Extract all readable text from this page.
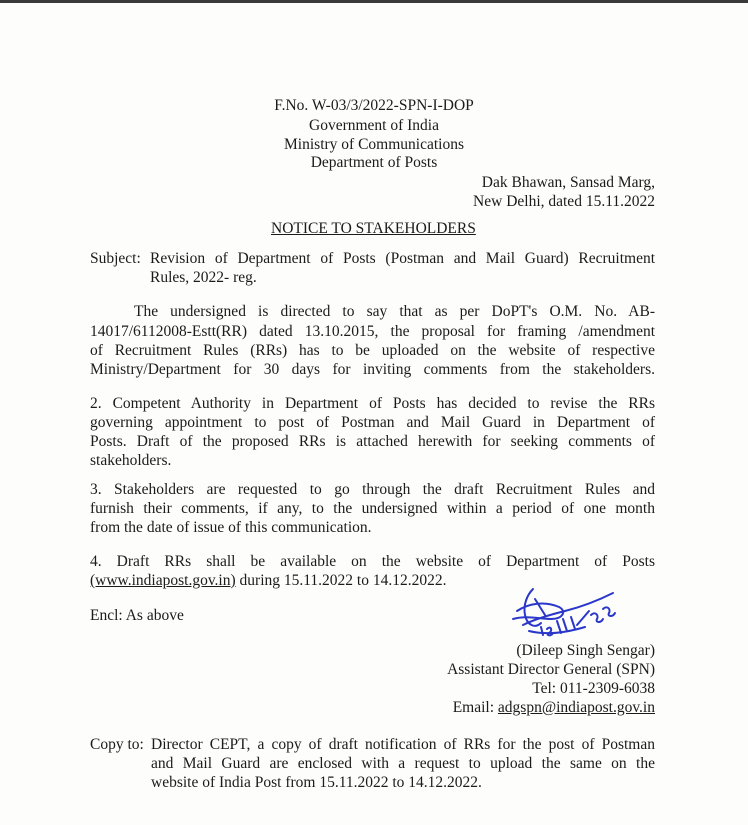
F.No. W-03/3/2022-SPN-I-DOP
Government of India
Ministry of Communications
Department of Posts
Dak Bhawan, Sansad Marg,
New Delhi, dated 15.11.2022
NOTICE TO STAKEHOLDERS
Subject: Revision of Department of Posts (Postman and Mail Guard) Recruitment
Rules, 2022- reg.
The undersigned is directed to say that as per DoPT's O.M. No. AB-
14017/6112008-Estt(RR) dated 13.10.2015, the proposal for framing /amendment
of Recruitment Rules (RRs) has to be uploaded on the website of respective
Ministry/Department for 30 days for inviting comments from the stakeholders.
2. Competent Authority in Department of Posts has decided to revise the RRs
governing appointment to post of Postman and Mail Guard in Department of
Posts. Draft of the proposed RRs is attached herewith for seeking comments of
stakeholders.
3. Stakeholders are requested to go through the draft Recruitment Rules and
furnish their comments, if any, to the undersigned within a period of one month
from the date of issue of this communication.
4. Draft RRs shall be available on the website of Department of Posts
(www.indiapost.gov.in) during 15.11.2022 to 14.12.2022.
Encl: As above
(Dileep Singh Sengar)
Assistant Director General (SPN)
Tel: 011-2309-6038
Email: adgspn@indiapost.gov.in
Copy to: Director CEPT, a copy of draft notification of RRs for the post of Postman
and Mail Guard are enclosed with a request to upload the same on the
website of India Post from 15.11.2022 to 14.12.2022.
